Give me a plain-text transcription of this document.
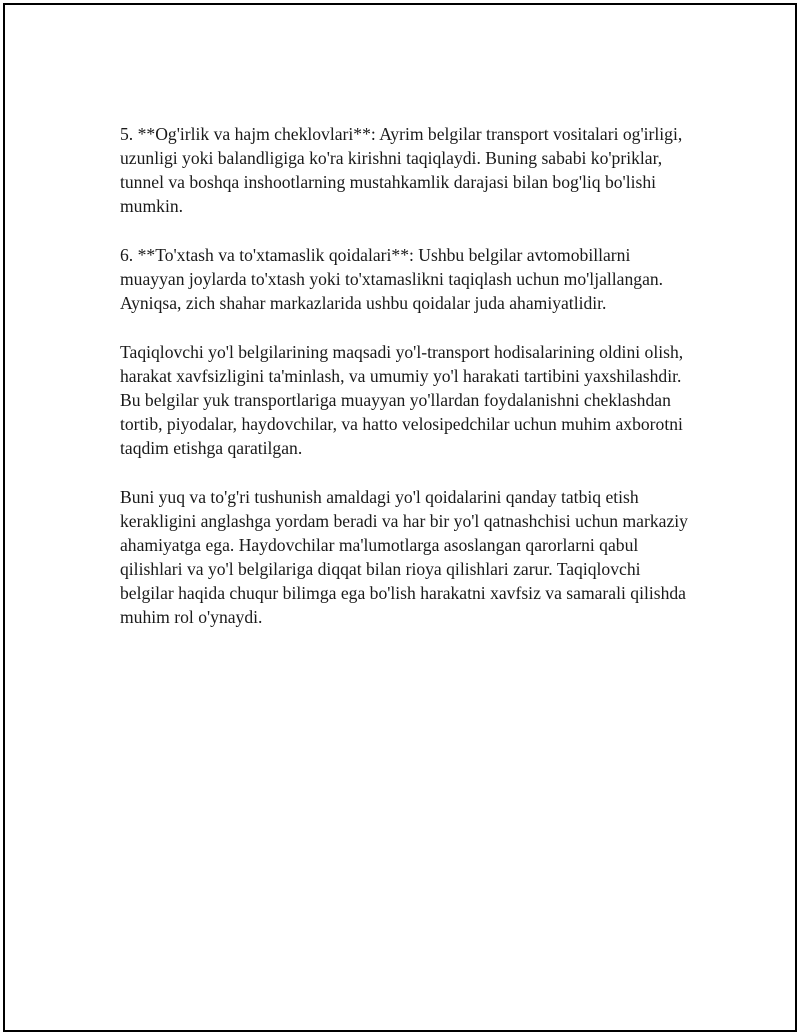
5. **Og'irlik va hajm cheklovlari**: Ayrim belgilar transport vositalari og'irligi, uzunligi yoki balandligiga ko'ra kirishni taqiqlaydi. Buning sababi ko'priklar, tunnel va boshqa inshootlarning mustahkamlik darajasi bilan bog'liq bo'lishi mumkin.

6. **To'xtash va to'xtamaslik qoidalari**: Ushbu belgilar avtomobillarni muayyan joylarda to'xtash yoki to'xtamaslikni taqiqlash uchun mo'ljallangan. Ayniqsa, zich shahar markazlarida ushbu qoidalar juda ahamiyatlidir.

Taqiqlovchi yo'l belgilarining maqsadi yo'l-transport hodisalarining oldini olish, harakat xavfsizligini ta'minlash, va umumiy yo'l harakati tartibini yaxshilashdir. Bu belgilar yuk transportlariga muayyan yo'llardan foydalanishni cheklashdan tortib, piyodalar, haydovchilar, va hatto velosipedchilar uchun muhim axborotni taqdim etishga qaratilgan.

Buni yuq va to'g'ri tushunish amaldagi yo'l qoidalarini qanday tatbiq etish kerakligini anglashga yordam beradi va har bir yo'l qatnashchisi uchun markaziy ahamiyatga ega. Haydovchilar ma'lumotlarga asoslangan qarorlarni qabul qilishlari va yo'l belgilariga diqqat bilan rioya qilishlari zarur. Taqiqlovchi belgilar haqida chuqur bilimga ega bo'lish harakatni xavfsiz va samarali qilishda muhim rol o'ynaydi.
